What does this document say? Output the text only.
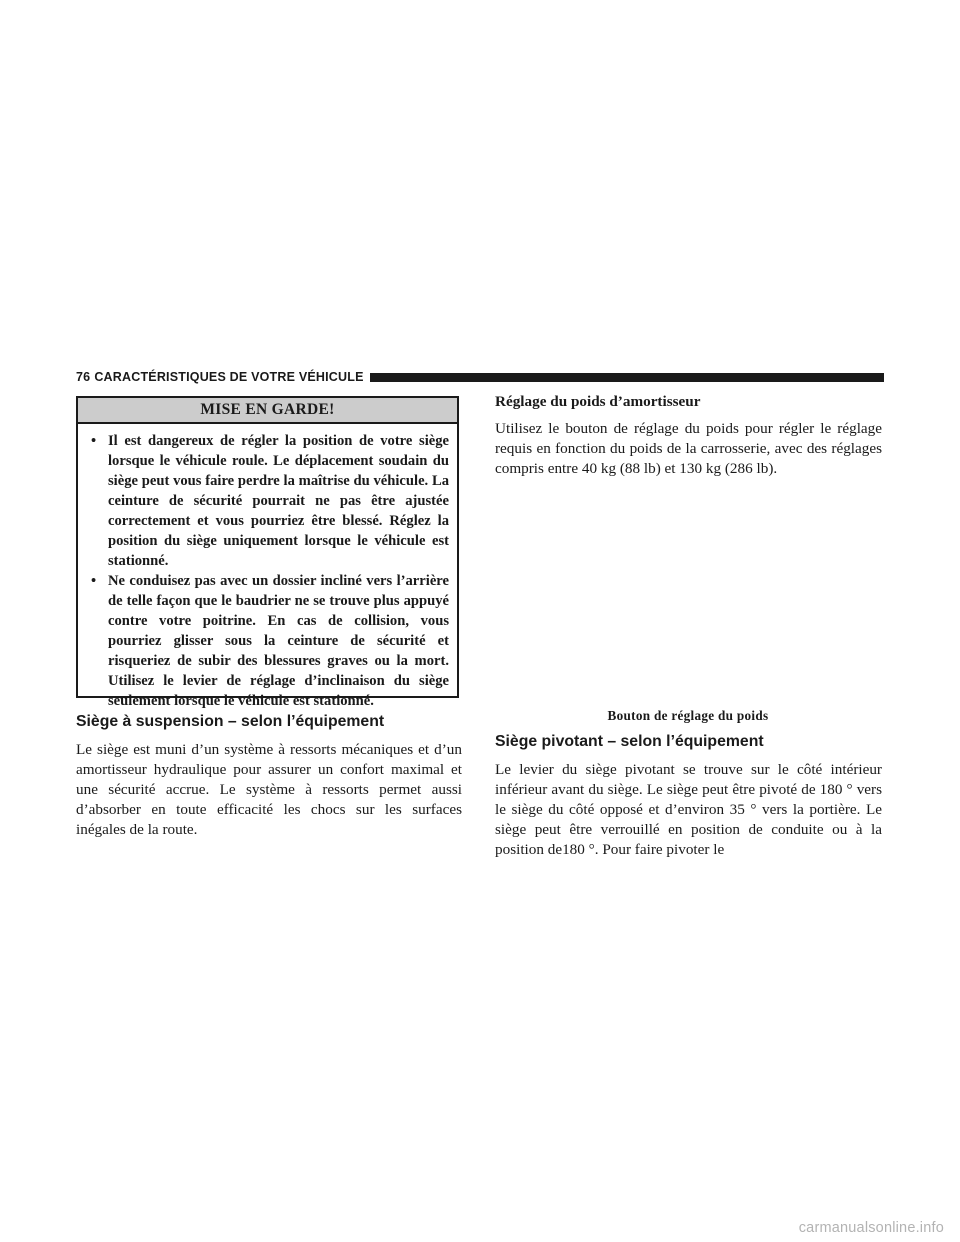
76 CARACTÉRISTIQUES DE VOTRE VÉHICULE
MISE EN GARDE!
• Il est dangereux de régler la position de votre siège lorsque le véhicule roule. Le déplacement soudain du siège peut vous faire perdre la maîtrise du véhicule. La ceinture de sécurité pourrait ne pas être ajustée correctement et vous pourriez être blessé. Réglez la position du siège uniquement lorsque le véhicule est stationné.
• Ne conduisez pas avec un dossier incliné vers l’arrière de telle façon que le baudrier ne se trouve plus appuyé contre votre poitrine. En cas de collision, vous pourriez glisser sous la ceinture de sécurité et risqueriez de subir des blessures graves ou la mort. Utilisez le levier de réglage d’inclinaison du siège seulement lorsque le véhicule est stationné.
Siège à suspension – selon l’équipement
Le siège est muni d’un système à ressorts mécaniques et d’un amortisseur hydraulique pour assurer un confort maximal et une sécurité accrue. Le système à ressorts permet aussi d’absorber en toute efficacité les chocs sur les surfaces inégales de la route.
Réglage du poids d’amortisseur
Utilisez le bouton de réglage du poids pour régler le réglage requis en fonction du poids de la carrosserie, avec des réglages compris entre 40 kg (88 lb) et 130 kg (286 lb).
Bouton de réglage du poids
Siège pivotant – selon l’équipement
Le levier du siège pivotant se trouve sur le côté intérieur inférieur avant du siège. Le siège peut être pivoté de 180 ° vers le siège du côté opposé et d’environ 35 ° vers la portière. Le siège peut être verrouillé en position de conduite ou à la position de180 °. Pour faire pivoter le
carmanualsonline.info
